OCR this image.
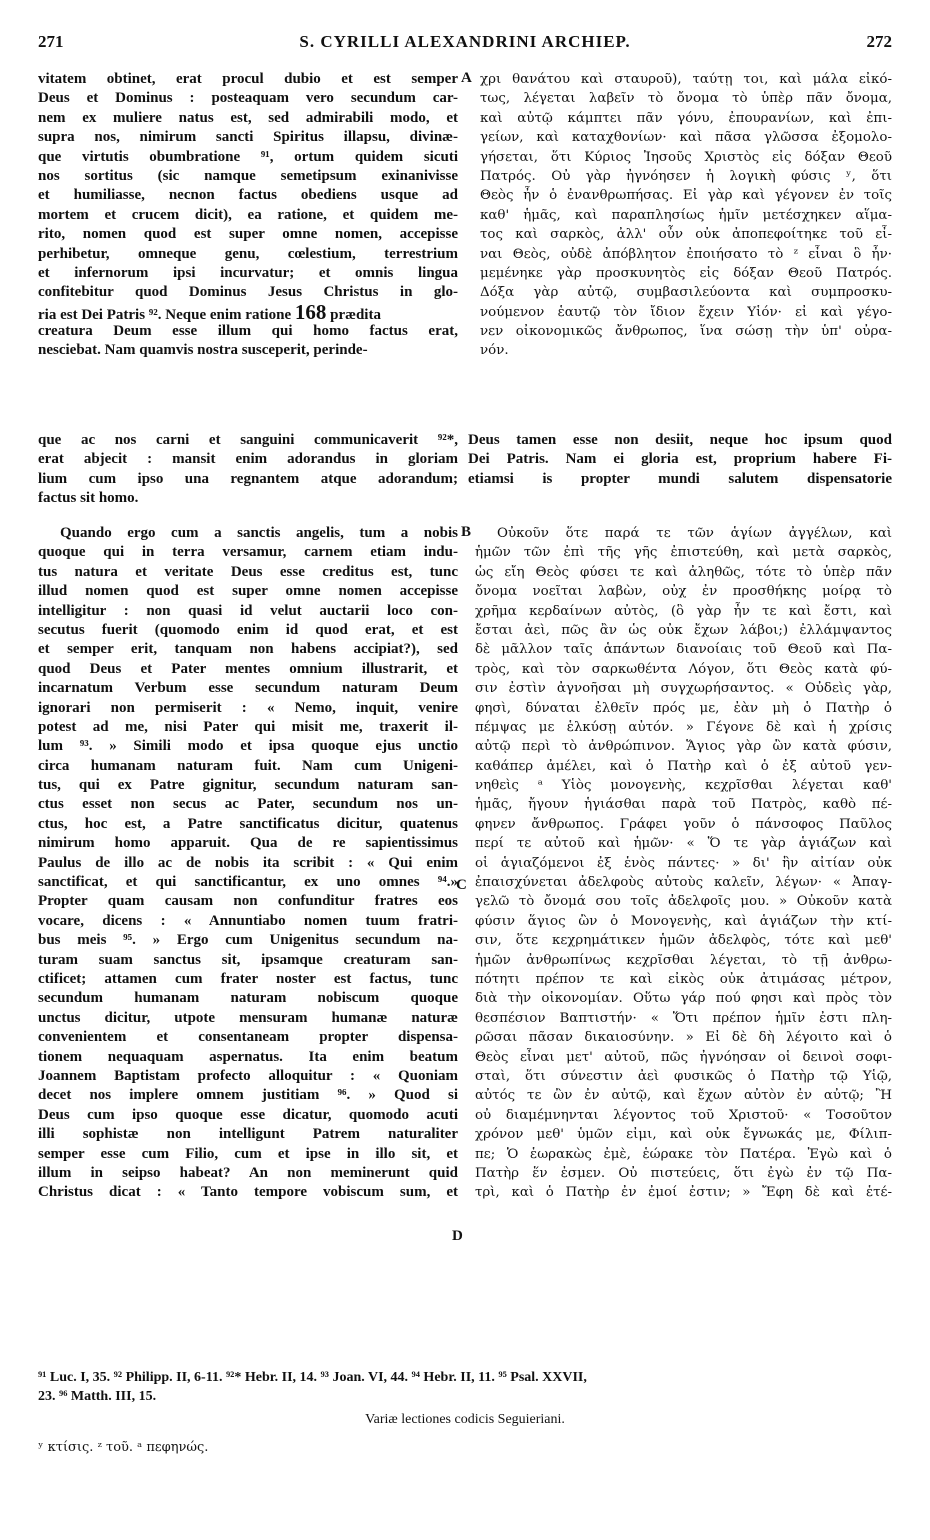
271	S. CYRILLI ALEXANDRINI ARCHIEP.	272
vitatem obtinet, erat procul dubio et est semper
Deus et Dominus : posteaquam vero secundum car-
nem ex muliere natus est, sed admirabili modo, et
supra nos, nimirum sancti Spiritus illapsu, divinæ-
que virtutis obumbratione ⁹¹, ortum quidem sicuti
nos sortitus (sic namque semetipsum exinanivisse
et humiliasse, necnon factus obediens usque ad
mortem et crucem dicit), ea ratione, et quidem me-
rito, nomen quod est super omne nomen, accepisse
perhibetur, omneque genu, cœlestium, terrestrium
et infernorum ipsi incurvatur; et omnis lingua
confitebitur quod Dominus Jesus Christus in glo-
ria est Dei Patris ⁹². Neque enim ratione 168 prædita
creatura Deum esse illum qui homo factus erat,
nesciebat. Nam quamvis nostra susceperit, perinde-
A χρι θανάτου καὶ σταυροῦ), ταύτῃ τοι, καὶ μάλα εἰκό-
τως, λέγεται λαβεῖν τὸ ὄνομα τὸ ὑπὲρ πᾶν ὄνομα,
καὶ αὐτῷ κάμπτει πᾶν γόνυ, ἐπουρανίων, καὶ ἐπι-
γείων, καὶ καταχθονίων· καὶ πᾶσα γλῶσσα ἐξομολο-
γήσεται, ὅτι Κύριος Ἰησοῦς Χριστὸς εἰς δόξαν Θεοῦ
Πατρός. Οὐ γὰρ ἠγνόησεν ἡ λογικὴ φύσις ʸ, ὅτι
Θεὸς ἦν ὁ ἐνανθρωπήσας. Εἰ γὰρ καὶ γέγονεν ἐν τοῖς
καθ' ἡμᾶς, καὶ παραπλησίως ἡμῖν μετέσχηκεν αἵμα-
τος καὶ σαρκὸς, ἀλλ' οὖν οὐκ ἀποπεφοίτηκε τοῦ εἶ-
ναι Θεὸς, οὐδὲ ἀπόβλητον ἐποιήσατο τὸ ᶻ εἶναι ὃ ἦν·
μεμένηκε γὰρ προσκυνητὸς εἰς δόξαν Θεοῦ Πατρός.
Δόξα γὰρ αὐτῷ, συμβασιλεύοντα καὶ συμπροσκυ-
νούμενον ἑαυτῷ τὸν ἴδιον ἔχειν Υἱόν· εἰ καὶ γέγο-
νεν οἰκονομικῶς ἄνθρωπος, ἵνα σώσῃ τὴν ὑπ' οὐρα-
νόν.
que ac nos carni et sanguini communicaverit ⁹²*, Deus tamen esse non desiit, neque hoc ipsum quod
erat abjecit : mansit enim adorandus in gloriam Dei Patris. Nam ei gloria est, proprium habere Fi-
lium cum ipso una regnantem atque adorandum; etiamsi is propter mundi salutem dispensatorie
factus sit homo.
Quando ergo cum a sanctis angelis, tum a nobis
quoque qui in terra versamur, carnem etiam indu-
tus natura et veritate Deus esse creditus est, tunc
illud nomen quod est super omne nomen accepisse
intelligitur : non quasi id velut auctarii loco con-
secutus fuerit (quomodo enim id quod erat, et est
et semper erit, tanquam non habens accipiat?), sed
quod Deus et Pater mentes omnium illustrarit, et
incarnatum Verbum esse secundum naturam Deum
ignorari non permiserit : « Nemo, inquit, venire
potest ad me, nisi Pater qui misit me, traxerit il-
lum ⁹³. » Simili modo et ipsa quoque ejus unctio
circa humanam naturam fuit. Nam cum Unigeni-
tus, qui ex Patre gignitur, secundum naturam san-
ctus esset non secus ac Pater, secundum nos un-
ctus, hoc est, a Patre sanctificatus dicitur, quatenus
nimirum homo apparuit. Qua de re sapientissimus
Paulus de illo ac de nobis ita scribit : « Qui enim
sanctificat, et qui sanctificantur, ex uno omnes ⁹⁴.»
Propter quam causam non confunditur fratres eos
vocare, dicens : « Annuntiabo nomen tuum fratri-
bus meis ⁹⁵. » Ergo cum Unigenitus secundum na-
turam suam sanctus sit, ipsamque creaturam san-
ctificet; attamen cum frater noster est factus, tunc
secundum humanam naturam nobiscum quoque
unctus dicitur, utpote mensuram humanæ naturæ
convenientem et consentaneam propter dispensa-
tionem nequaquam aspernatus. Ita enim beatum
Joannem Baptistam profecto alloquitur : « Quoniam
decet nos implere omnem justitiam ⁹⁶. » Quod si
Deus cum ipso quoque esse dicatur, quomodo acuti
illi sophistæ non intelligunt Patrem naturaliter
semper esse cum Filio, cum et ipse in illo sit, et
illum in seipso habeat? An non meminerunt quid
Christus dicat : « Tanto tempore vobiscum sum, et
B
C
D
Οὐκοῦν ὅτε παρά τε τῶν ἁγίων ἀγγέλων, καὶ
ἡμῶν τῶν ἐπὶ τῆς γῆς ἐπιστεύθη, καὶ μετὰ σαρκὸς,
ὡς εἴη Θεὸς φύσει τε καὶ ἀληθῶς, τότε τὸ ὑπὲρ πᾶν
ὄνομα νοεῖται λαβὼν, οὐχ ἐν προσθήκης μοίρᾳ τὸ
χρῆμα κερδαίνων αὐτὸς, (ὃ γὰρ ἦν τε καὶ ἔστι, καὶ
ἔσται ἀεὶ, πῶς ἂν ὡς οὐκ ἔχων λάβοι;) ἐλλάμψαντος
δὲ μᾶλλον ταῖς ἁπάντων διανοίαις τοῦ Θεοῦ καὶ Πα-
τρὸς, καὶ τὸν σαρκωθέντα Λόγον, ὅτι Θεὸς κατὰ φύ-
σιν ἐστὶν ἀγνοῆσαι μὴ συγχωρήσαντος. « Οὐδεὶς γὰρ,
φησὶ, δύναται ἐλθεῖν πρός με, ἐὰν μὴ ὁ Πατὴρ ὁ
πέμψας με ἑλκύσῃ αὐτόν. » Γέγονε δὲ καὶ ἡ χρίσις
αὐτῷ περὶ τὸ ἀνθρώπινον. Ἅγιος γὰρ ὢν κατὰ φύσιν,
καθάπερ ἀμέλει, καὶ ὁ Πατὴρ καὶ ὁ ἐξ αὐτοῦ γεν-
νηθεὶς ᵃ Υἱὸς μονογενὴς, κεχρῖσθαι λέγεται καθ'
ἡμᾶς, ἤγουν ἡγιάσθαι παρὰ τοῦ Πατρὸς, καθὸ πέ-
φηνεν ἄνθρωπος. Γράφει γοῦν ὁ πάνσοφος Παῦλος
περί τε αὐτοῦ καὶ ἡμῶν· « Ὅ τε γὰρ ἁγιάζων καὶ
οἱ ἁγιαζόμενοι ἐξ ἑνὸς πάντες· » δι' ἣν αἰτίαν οὐκ
ἐπαισχύνεται ἀδελφοὺς αὐτοὺς καλεῖν, λέγων· « Ἀπαγ-
γελῶ τὸ ὄνομά σου τοῖς ἀδελφοῖς μου. » Οὐκοῦν κατὰ
φύσιν ἅγιος ὢν ὁ Μονογενὴς, καὶ ἁγιάζων τὴν κτί-
σιν, ὅτε κεχρημάτικεν ἡμῶν ἀδελφὸς, τότε καὶ μεθ'
ἡμῶν ἀνθρωπίνως κεχρῖσθαι λέγεται, τὸ τῇ ἀνθρω-
πότητι πρέπον τε καὶ εἰκὸς οὐκ ἀτιμάσας μέτρον,
διὰ τὴν οἰκονομίαν. Οὕτω γάρ πού φησι καὶ πρὸς τὸν
θεσπέσιον Βαπτιστήν· « Ὅτι πρέπον ἡμῖν ἐστι πλη-
ρῶσαι πᾶσαν δικαιοσύνην. » Εἰ δὲ δὴ λέγοιτο καὶ ὁ
Θεὸς εἶναι μετ' αὐτοῦ, πῶς ἠγνόησαν οἱ δεινοὶ σοφι-
σταὶ, ὅτι σύνεστιν ἀεὶ φυσικῶς ὁ Πατὴρ τῷ Υἱῷ,
αὐτός τε ὢν ἐν αὐτῷ, καὶ ἔχων αὐτὸν ἐν αὐτῷ; Ἢ
οὐ διαμέμνηνται λέγοντος τοῦ Χριστοῦ· « Τοσοῦτον
χρόνον μεθ' ὑμῶν εἰμι, καὶ οὐκ ἔγνωκάς με, Φίλιπ-
πε; Ὁ ἑωρακὼς ἐμὲ, ἑώρακε τὸν Πατέρα. Ἐγὼ καὶ ὁ
Πατὴρ ἕν ἐσμεν. Οὐ πιστεύεις, ὅτι ἐγὼ ἐν τῷ Πα-
τρὶ, καὶ ὁ Πατὴρ ἐν ἐμοί ἐστιν; » Ἔφη δὲ καὶ ἑτέ-
⁹¹ Luc. I, 35. ⁹² Philipp. II, 6-11. ⁹²* Hebr. II, 14. ⁹³ Joan. VI, 44. ⁹⁴ Hebr. II, 11. ⁹⁵ Psal. XXVII,
23. ⁹⁶ Matth. III, 15.
Variæ lectiones codicis Seguieriani.
ʸ κτίσις. ᶻ τοῦ. ᵃ πεφηνώς.
